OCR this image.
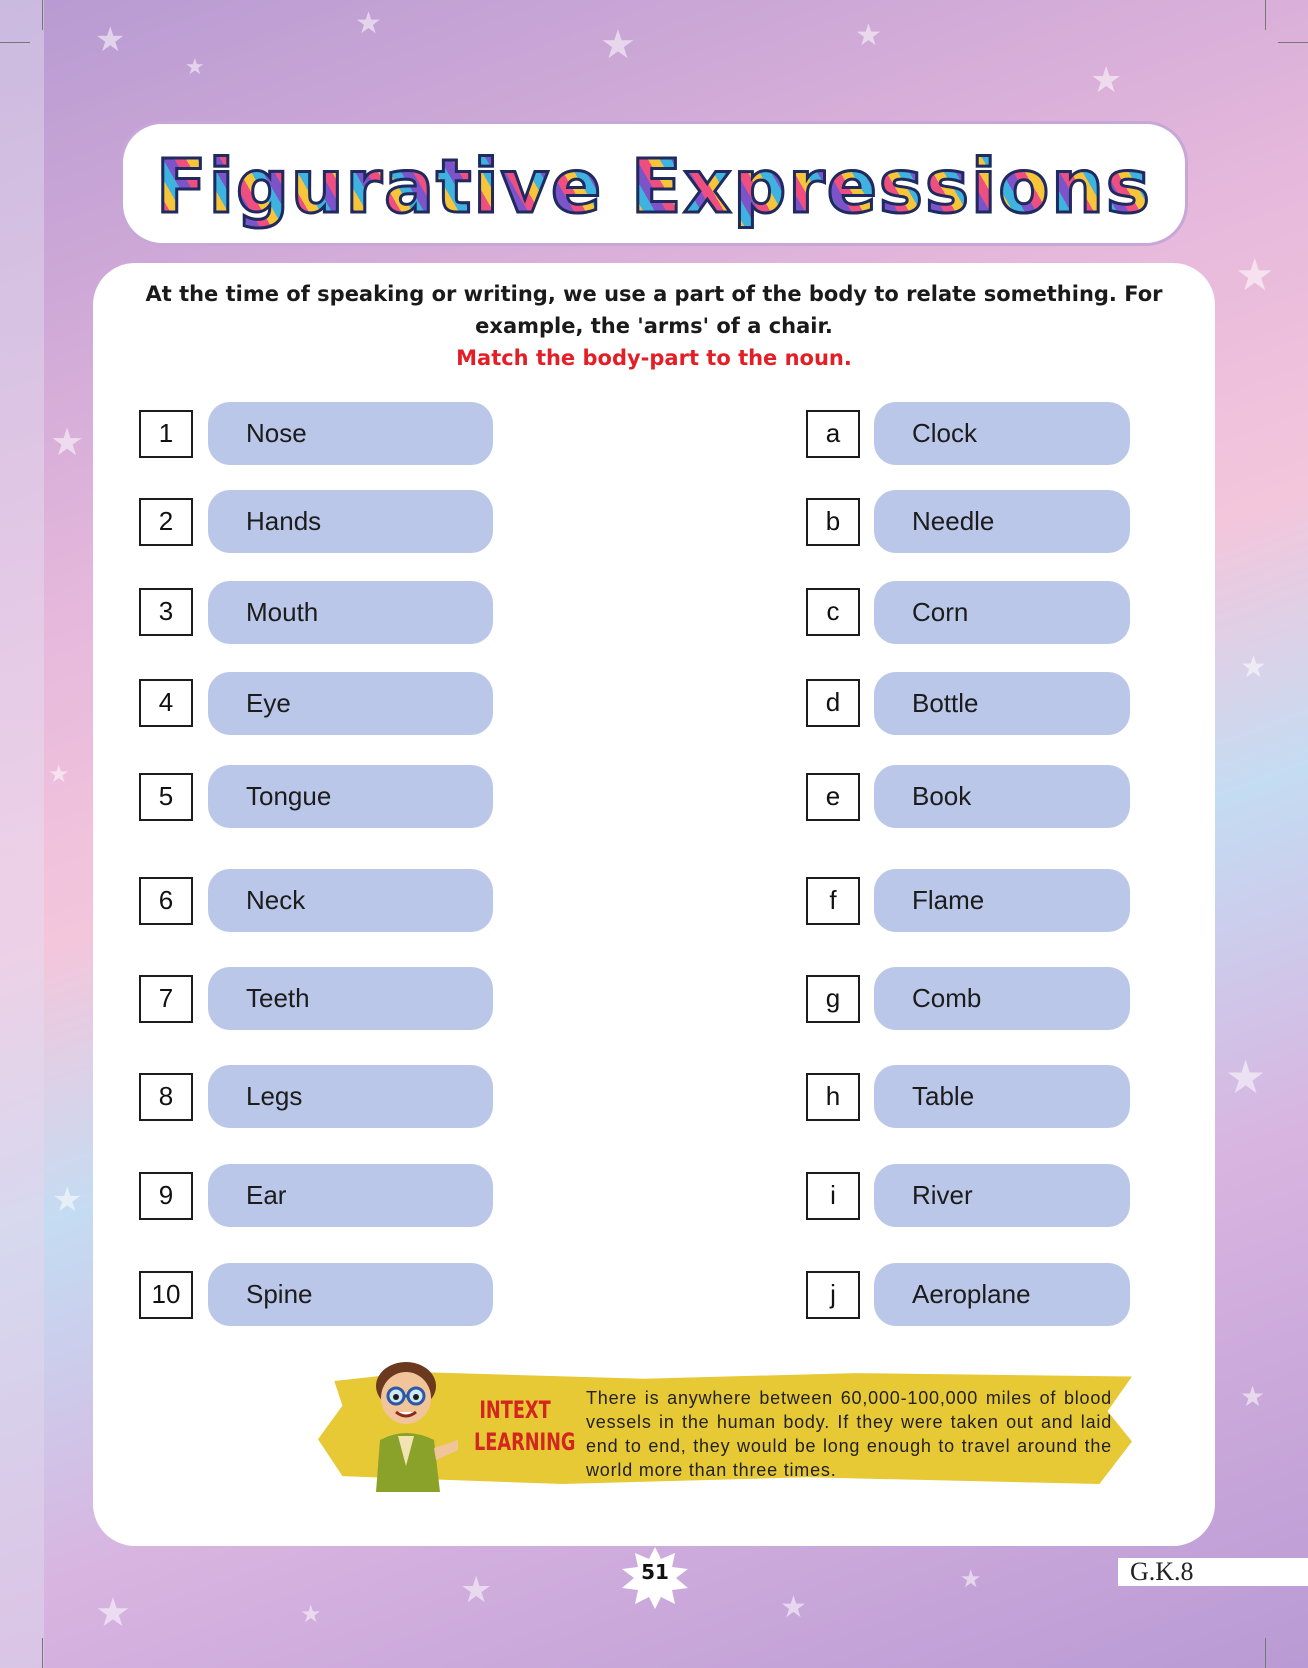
★
★
★	★	★
★
★
★
★
★
★
★
★
★	★
★	★
★
Figurative Expressions
At the time of speaking or writing, we use a part of the body to relate something. For example, the 'arms' of a chair.
Match the body-part to the noun.
1	Nose
2	Hands
3	Mouth
4	Eye
5	Tongue
6	Neck
7	Teeth
8	Legs
9	Ear
10	Spine
a	Clock
b	Needle
c	Corn
d	Bottle
e	Book
f	Flame
g	Comb
h	Table
i	River
j	Aeroplane
INTEXT
LEARNING
There is anywhere between 60,000-100,000 miles of blood vessels in the human body. If they were taken out and laid end to end, they would be long enough to travel around the world more than three times.
51	G.K.8
